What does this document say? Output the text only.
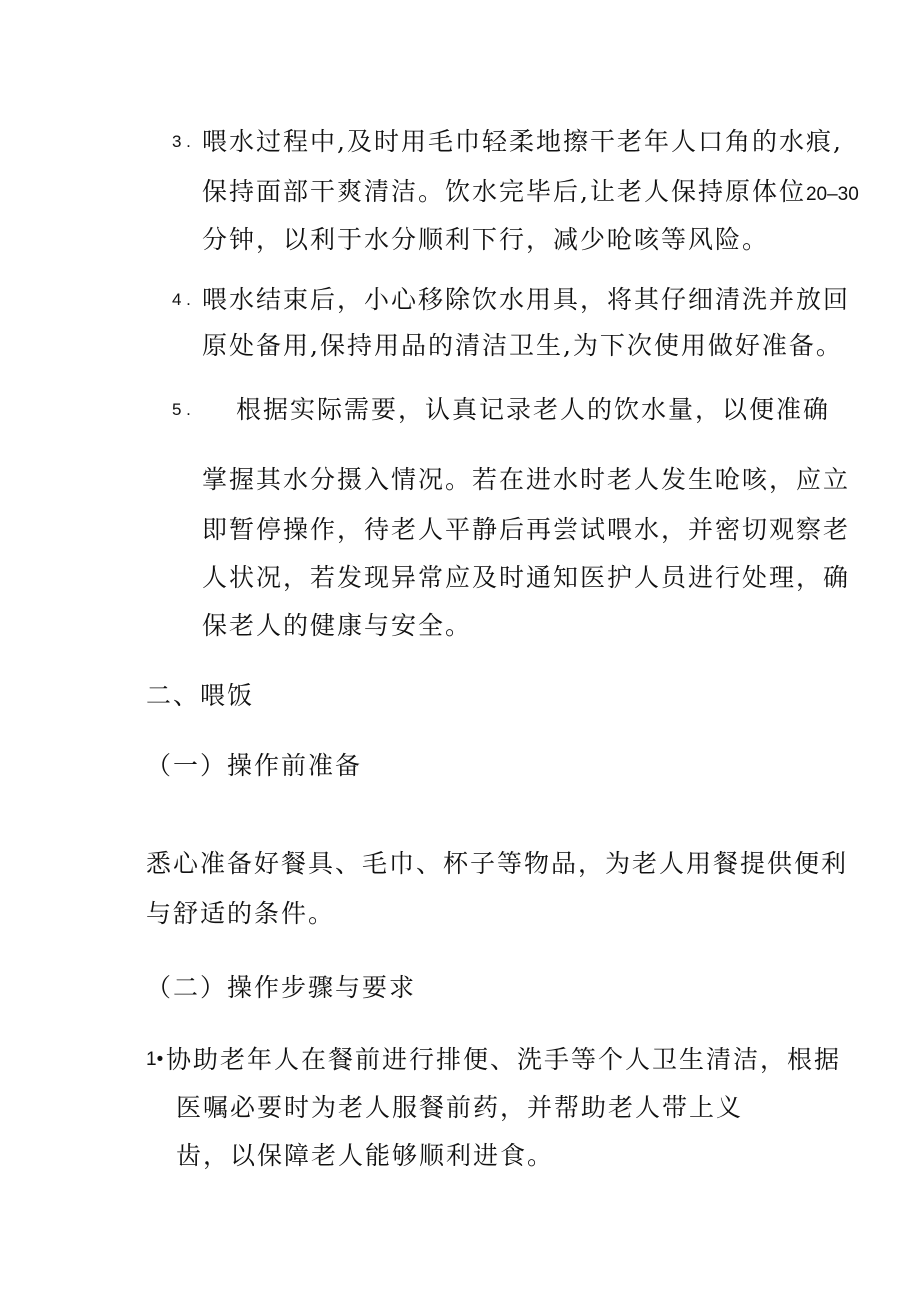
3 . 喂水过程中,及时用毛巾轻柔地擦干老年人口角的水痕,
保持面部干爽清洁。饮水完毕后,让老人保持原体位20–30
分钟，以利于水分顺利下行，减少呛咳等风险。
4 . 喂水结束后，小心移除饮水用具，将其仔细清洗并放回
原处备用,保持用品的清洁卫生,为下次使用做好准备。
5 . 根据实际需要，认真记录老人的饮水量，以便准确
掌握其水分摄入情况。若在进水时老人发生呛咳，应立
即暂停操作，待老人平静后再尝试喂水，并密切观察老
人状况，若发现异常应及时通知医护人员进行处理，确
保老人的健康与安全。
二、喂饭
（一）操作前准备
悉心准备好餐具、毛巾、杯子等物品，为老人用餐提供便利
与舒适的条件。
（二）操作步骤与要求
1• 协助老年人在餐前进行排便、洗手等个人卫生清洁，根据
医嘱必要时为老人服餐前药，并帮助老人带上义
齿，以保障老人能够顺利进食。
